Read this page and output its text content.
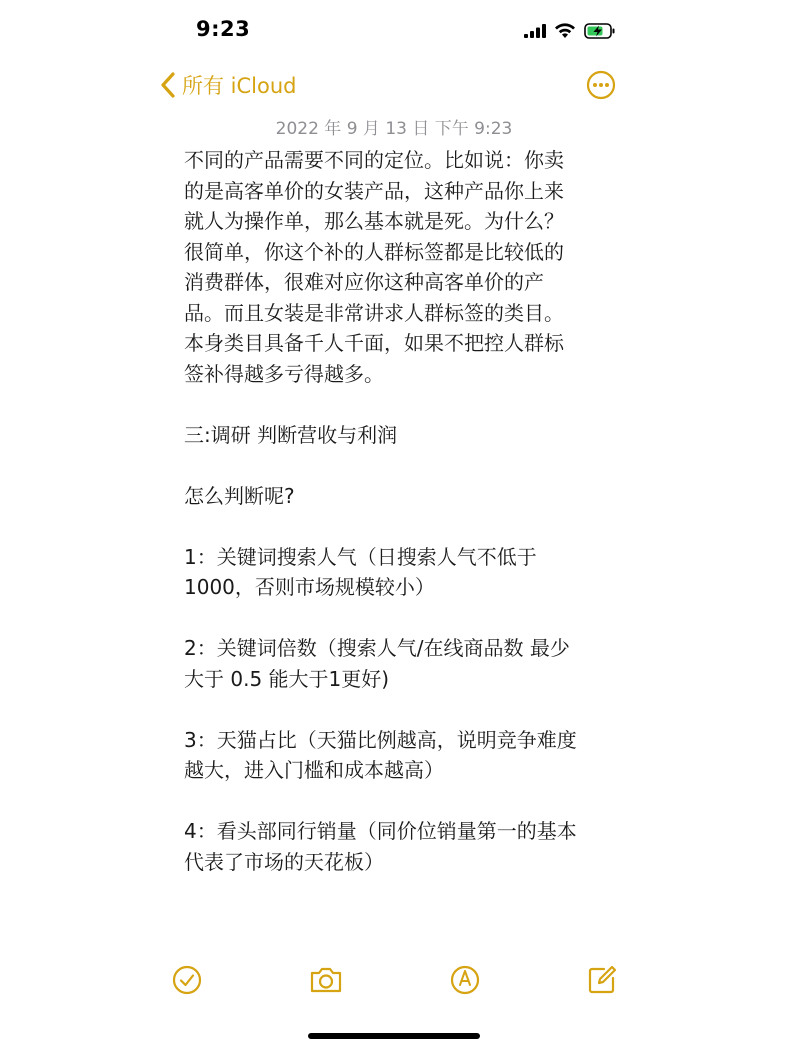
9:23
所有 iCloud
2022 年 9 月 13 日 下午 9:23

不同的产品需要不同的定位。比如说：你卖

的是高客单价的女装产品，这种产品你上来

就人为操作单，那么基本就是死。为什么？

很简单，你这个补的人群标签都是比较低的

消费群体，很难对应你这种高客单价的产

品。而且女装是非常讲求人群标签的类目。

本身类目具备千人千面，如果不把控人群标

签补得越多亏得越多。

三:调研 判断营收与利润

怎么判断呢?

1：关键词搜索人气（日搜索人气不低于

1000，否则市场规模较小）

2：关键词倍数（搜索人气/在线商品数 最少

大于 0.5 能大于1更好)

3：天猫占比（天猫比例越高，说明竞争难度

越大，进入门槛和成本越高）

4：看头部同行销量（同价位销量第一的基本

代表了市场的天花板）
